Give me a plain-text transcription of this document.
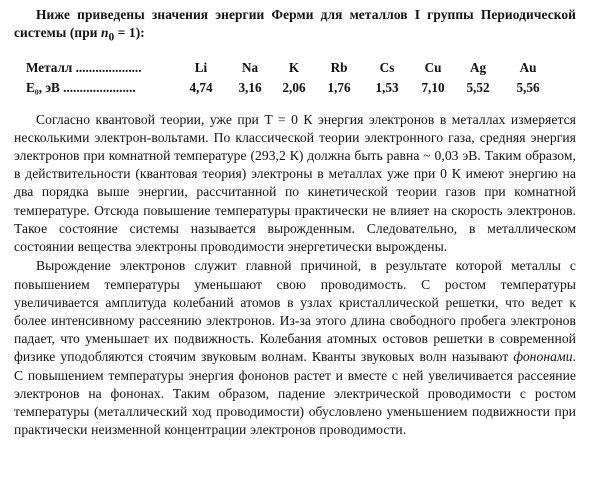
Ниже приведены значения энергии Ферми для металлов I группы Периодической системы (при $n_0 = 1$):

Металл ....................	Li	Na	K	Rb	Cs	Cu	Ag	Au
E₀, эВ ......................	4,74	3,16	2,06	1,76	1,53	7,10	5,52	5,56

Согласно квантовой теории, уже при T = 0 К энергия электронов в металлах измеряется несколькими электрон-вольтами. По классической теории электронного газа, средняя энергия электронов при комнатной температуре (293,2 К) должна быть равна ~ 0,03 эВ. Таким образом, в действительности (квантовая теория) электроны в металлах уже при 0 К имеют энергию на два порядка выше энергии, рассчитанной по кинетической теории газов при комнатной температуре. Отсюда повышение температуры практически не влияет на скорость электронов. Такое состояние системы называется вырожденным. Следовательно, в металлическом состоянии вещества электроны проводимости энергетически вырождены.

Вырождение электронов служит главной причиной, в результате которой металлы с повышением температуры уменьшают свою проводимость. С ростом температуры увеличивается амплитуда колебаний атомов в узлах кристаллической решетки, что ведет к более интенсивному рассеянию электронов. Из-за этого длина свободного пробега электронов падает, что уменьшает их подвижность. Колебания атомных остовов решетки в современной физике уподобляются стоячим звуковым волнам. Кванты звуковых волн называют фононами. С повышением температуры энергия фононов растет и вместе с ней увеличивается рассеяние электронов на фононах. Таким образом, падение электрической проводимости с ростом температуры (металлический ход проводимости) обусловлено уменьшением подвижности при практически неизменной концентрации электронов проводимости.
